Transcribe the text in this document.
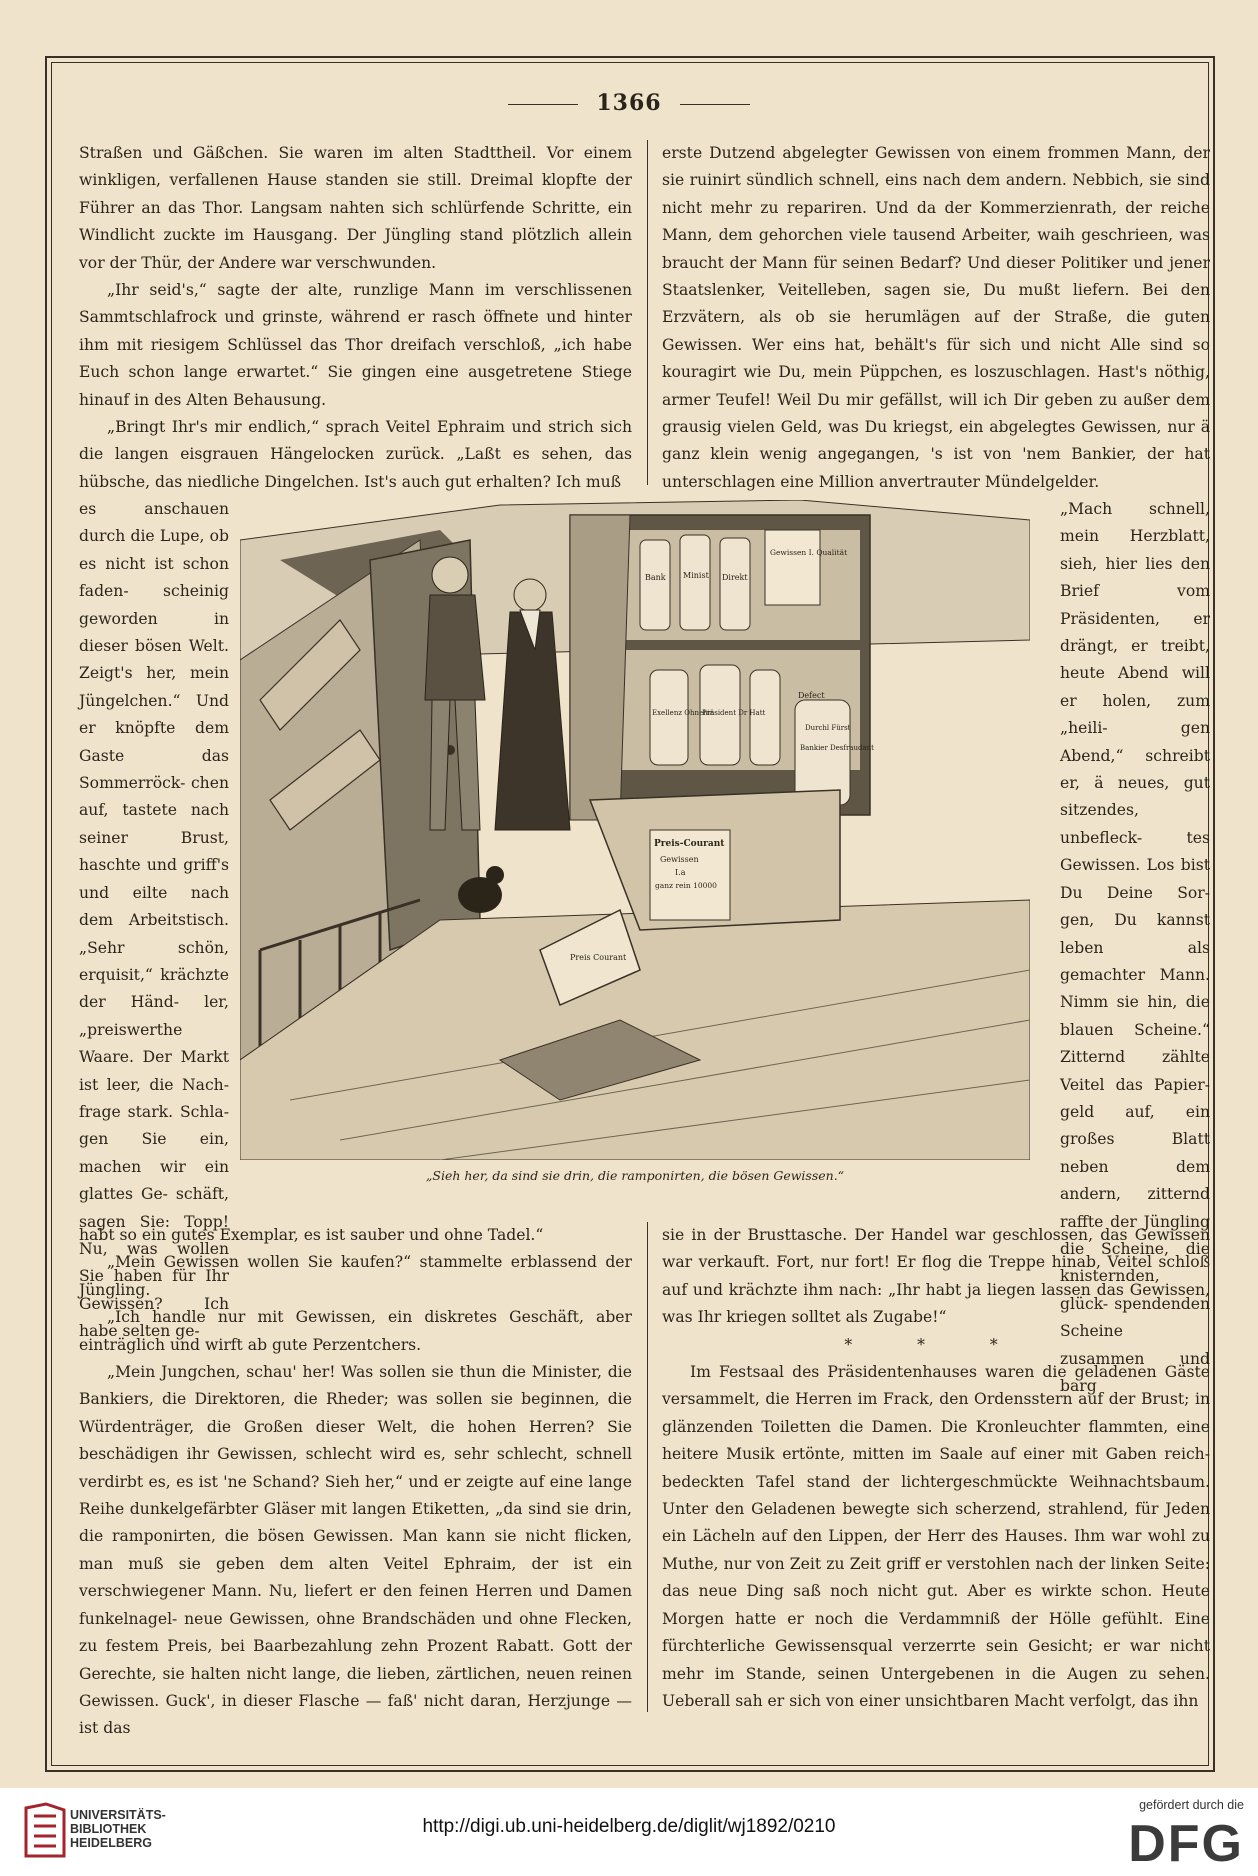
1366

Straßen und Gäßchen. Sie waren im alten Stadttheil. Vor einem winkligen, verfallenen Hause standen sie still. Dreimal klopfte der Führer an das Thor. Langsam nahten sich schlürfende Schritte, ein Windlicht zuckte im Hausgang. Der Jüngling stand plötzlich allein vor der Thür, der Andere war verschwunden.

„Ihr seid's,“ sagte der alte, runzlige Mann im verschlissenen Sammtschlafrock und grinste, während er rasch öffnete und hinter ihm mit riesigem Schlüssel das Thor dreifach verschloß, „ich habe Euch schon lange erwartet.“ Sie gingen eine ausgetretene Stiege hinauf in des Alten Behausung.

„Bringt Ihr's mir endlich,“ sprach Veitel Ephraim und strich sich die langen eisgrauen Hängelocken zurück. „Laßt es sehen, das hübsche, das niedliche Dingelchen. Ist's auch gut erhalten? Ich muß

erste Dutzend abgelegter Gewissen von einem frommen Mann, der sie ruinirt sündlich schnell, eins nach dem andern. Nebbich, sie sind nicht mehr zu repariren. Und da der Kommerzienrath, der reiche Mann, dem gehorchen viele tausend Arbeiter, waih geschrieen, was braucht der Mann für seinen Bedarf? Und dieser Politiker und jener Staatslenker, Veitelleben, sagen sie, Du mußt liefern. Bei den Erzvätern, als ob sie herumlägen auf der Straße, die guten Gewissen. Wer eins hat, behält's für sich und nicht Alle sind so kouragirt wie Du, mein Püppchen, es loszuschlagen. Hast's nöthig, armer Teufel! Weil Du mir gefällst, will ich Dir geben zu außer dem grausig vielen Geld, was Du kriegst, ein abgelegtes Gewissen, nur ä ganz klein wenig angegangen, 's ist von 'nem Bankier, der hat unterschlagen eine Million anvertrauter Mündelgelder.

es anschauen durch die Lupe, ob es nicht ist schon faden- scheinig geworden in dieser bösen Welt. Zeigt's her, mein Jüngelchen.“ Und er knöpfte dem Gaste das Sommerröck- chen auf, tastete nach seiner Brust, haschte und griff's und eilte nach dem Arbeitstisch. „Sehr schön, erquisit,“ krächzte der Händ- ler, „preiswerthe Waare. Der Markt ist leer, die Nach- frage stark. Schla- gen Sie ein, machen wir ein glattes Ge- schäft, sagen Sie: Topp! Nu, was wollen Sie haben für Ihr Gewissen? Ich habe selten ge-

„Mach schnell, mein Herzblatt, sieh, hier lies den Brief vom Präsidenten, er drängt, er treibt, heute Abend will er holen, zum „heili- gen Abend,“ schreibt er, ä neues, gut sitzendes, unbefleck- tes Gewissen. Los bist Du Deine Sor- gen, Du kannst leben als gemachter Mann. Nimm sie hin, die blauen Scheine.“ Zitternd zählte Veitel das Papier- geld auf, ein großes Blatt neben dem andern, zitternd raffte der Jüngling die Scheine, die knisternden, glück- spendenden Scheine zusammen und barg

Bank Minist Direkt
Exellenz Ohnehin
Präsident Dr Hatt
Defect
Bankier Desfraudant
Durchl Fürst
Gewissen I. Qualität
Preis-Courant
Gewissen
I.a
ganz rein 10000
Preis Courant
„Sieh her, da sind sie drin, die ramponirten, die bösen Gewissen.“

habt so ein gutes Exemplar, es ist sauber und ohne Tadel.“

„Mein Gewissen wollen Sie kaufen?“ stammelte erblassend der Jüngling.

„Ich handle nur mit Gewissen, ein diskretes Geschäft, aber einträglich und wirft ab gute Perzentchers.

„Mein Jungchen, schau' her! Was sollen sie thun die Minister, die Bankiers, die Direktoren, die Rheder; was sollen sie beginnen, die Würdenträger, die Großen dieser Welt, die hohen Herren? Sie beschädigen ihr Gewissen, schlecht wird es, sehr schlecht, schnell verdirbt es, es ist 'ne Schand? Sieh her,“ und er zeigte auf eine lange Reihe dunkelgefärbter Gläser mit langen Etiketten, „da sind sie drin, die ramponirten, die bösen Gewissen. Man kann sie nicht flicken, man muß sie geben dem alten Veitel Ephraim, der ist ein verschwiegener Mann. Nu, liefert er den feinen Herren und Damen funkelnagel- neue Gewissen, ohne Brandschäden und ohne Flecken, zu festem Preis, bei Baarbezahlung zehn Prozent Rabatt. Gott der Gerechte, sie halten nicht lange, die lieben, zärtlichen, neuen reinen Gewissen. Guck', in dieser Flasche — faß' nicht daran, Herzjunge — ist das

sie in der Brusttasche. Der Handel war geschlossen, das Gewissen war verkauft. Fort, nur fort! Er flog die Treppe hinab, Veitel schloß auf und krächzte ihm nach: „Ihr habt ja liegen lassen das Gewissen, was Ihr kriegen solltet als Zugabe!“

* * *

Im Festsaal des Präsidentenhauses waren die geladenen Gäste versammelt, die Herren im Frack, den Ordensstern auf der Brust; in glänzenden Toiletten die Damen. Die Kronleuchter flammten, eine heitere Musik ertönte, mitten im Saale auf einer mit Gaben reich- bedeckten Tafel stand der lichtergeschmückte Weihnachtsbaum. Unter den Geladenen bewegte sich scherzend, strahlend, für Jeden ein Lächeln auf den Lippen, der Herr des Hauses. Ihm war wohl zu Muthe, nur von Zeit zu Zeit griff er verstohlen nach der linken Seite: das neue Ding saß noch nicht gut. Aber es wirkte schon. Heute Morgen hatte er noch die Verdammniß der Hölle gefühlt. Eine fürchterliche Gewissensqual verzerrte sein Gesicht; er war nicht mehr im Stande, seinen Untergebenen in die Augen zu sehen. Ueberall sah er sich von einer unsichtbaren Macht verfolgt, das ihn

UNIVERSITÄTS-
BIBLIOTHEK
HEIDELBERG
http://digi.ub.uni-heidelberg.de/diglit/wj1892/0210
gefördert durch die
DFG
